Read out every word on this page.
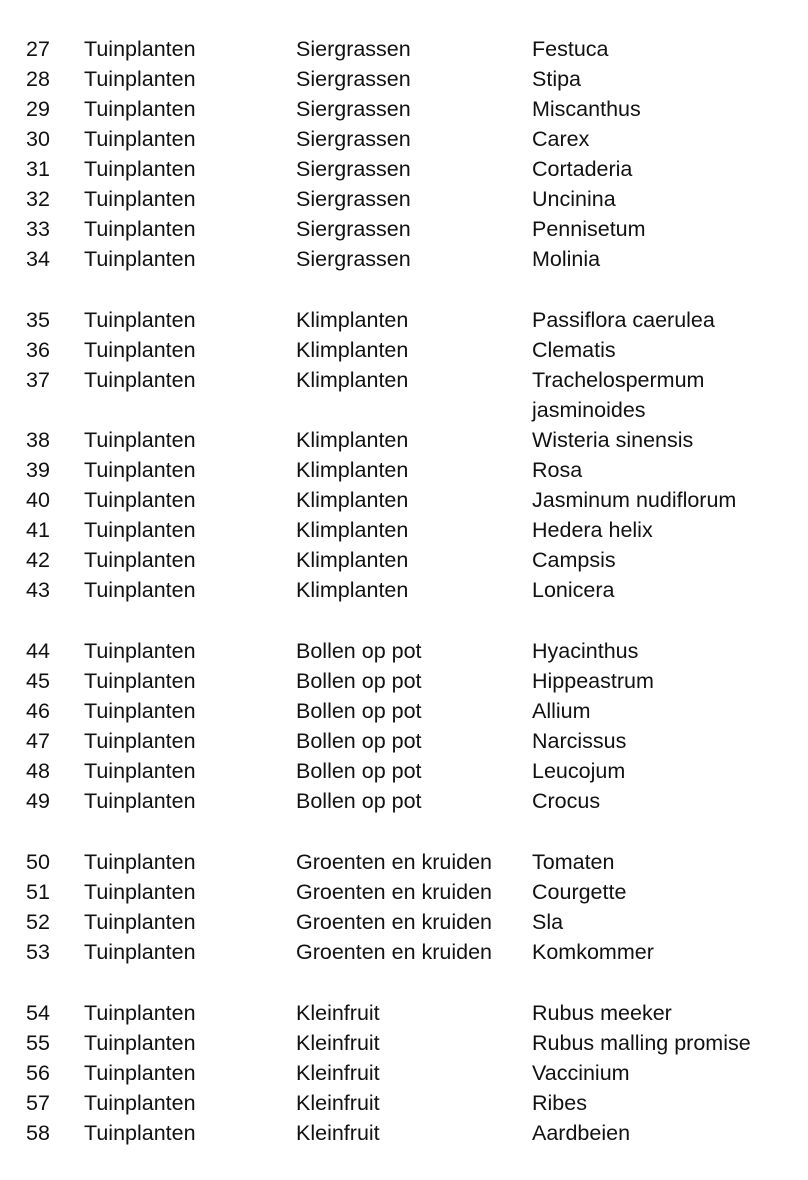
27	Tuinplanten	Siergrassen	Festuca
28	Tuinplanten	Siergrassen	Stipa
29	Tuinplanten	Siergrassen	Miscanthus
30	Tuinplanten	Siergrassen	Carex
31	Tuinplanten	Siergrassen	Cortaderia
32	Tuinplanten	Siergrassen	Uncinina
33	Tuinplanten	Siergrassen	Pennisetum
34	Tuinplanten	Siergrassen	Molinia
35	Tuinplanten	Klimplanten	Passiflora caerulea
36	Tuinplanten	Klimplanten	Clematis
37	Tuinplanten	Klimplanten	Trachelospermum jasminoides
38	Tuinplanten	Klimplanten	Wisteria sinensis
39	Tuinplanten	Klimplanten	Rosa
40	Tuinplanten	Klimplanten	Jasminum nudiflorum
41	Tuinplanten	Klimplanten	Hedera helix
42	Tuinplanten	Klimplanten	Campsis
43	Tuinplanten	Klimplanten	Lonicera
44	Tuinplanten	Bollen op pot	Hyacinthus
45	Tuinplanten	Bollen op pot	Hippeastrum
46	Tuinplanten	Bollen op pot	Allium
47	Tuinplanten	Bollen op pot	Narcissus
48	Tuinplanten	Bollen op pot	Leucojum
49	Tuinplanten	Bollen op pot	Crocus
50	Tuinplanten	Groenten en kruiden	Tomaten
51	Tuinplanten	Groenten en kruiden	Courgette
52	Tuinplanten	Groenten en kruiden	Sla
53	Tuinplanten	Groenten en kruiden	Komkommer
54	Tuinplanten	Kleinfruit	Rubus meeker
55	Tuinplanten	Kleinfruit	Rubus malling promise
56	Tuinplanten	Kleinfruit	Vaccinium
57	Tuinplanten	Kleinfruit	Ribes
58	Tuinplanten	Kleinfruit	Aardbeien
